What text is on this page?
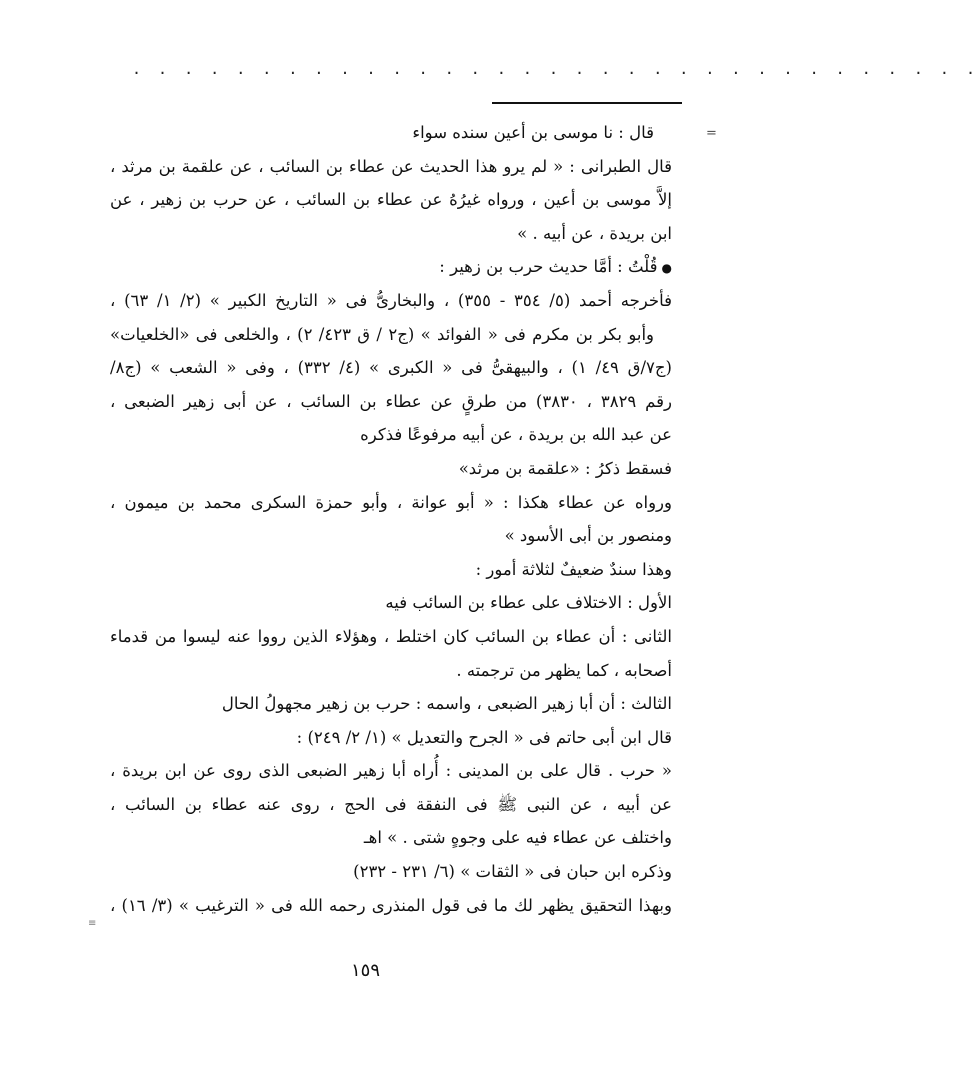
. . . . . . . . . . . . . . . . . . . . . . . . . . . . . . . . .
=
≡
قال : نا موسى بن أعين سنده سواء
قال الطبرانى : « لم يرو هذا الحديث عن عطاء بن السائب ، عن علقمة بن مرثد ،
إلاَّ موسى بن أعين ، ورواه غيرُهُ عن عطاء بن السائب ، عن حرب بن زهير ، عن
ابن بريدة ، عن أبيه . »
●قُلْتُ : أمَّا حديث حرب بن زهير :
فأخرجه أحمد (٥/ ٣٥٤ - ٣٥٥) ، والبخارىُّ فى « التاريخ الكبير » (٢/ ١/ ٦٣) ،
وأبو بكر بن مكرم فى « الفوائد » (ج٢ / ق ٤٢٣/ ٢) ، والخلعى فى «الخلعيات»
(ج٧/ق ٤٩/ ١) ، والبيهقىُّ فى « الكبرى » (٤/ ٣٣٢) ، وفى « الشعب » (ج٨/
رقم ٣٨٢٩ ، ٣٨٣٠) من طرقٍ عن عطاء بن السائب ، عن أبى زهير الضبعى ،
عن عبد الله بن بريدة ، عن أبيه مرفوعًا فذكره
فسقط ذكرُ : «علقمة بن مرثد»
ورواه عن عطاء هكذا : « أبو عوانة ، وأبو حمزة السكرى محمد بن ميمون ،
ومنصور بن أبى الأسود »
وهذا سندٌ ضعيفٌ لثلاثة أمور :
الأول : الاختلاف على عطاء بن السائب فيه
الثانى : أن عطاء بن السائب كان اختلط ، وهؤلاء الذين رووا عنه ليسوا من قدماء
أصحابه ، كما يظهر من ترجمته .
الثالث : أن أبا زهير الضبعى ، واسمه : حرب بن زهير مجهولُ الحال
قال ابن أبى حاتم فى « الجرح والتعديل » (١/ ٢/ ٢٤٩) :
« حرب . قال على بن المدينى : أُراه أبا زهير الضبعى الذى روى عن ابن بريدة ،
عن أبيه ، عن النبى ﷺ فى النفقة فى الحج ، روى عنه عطاء بن السائب ،
واختلف عن عطاء فيه على وجوهٍ شتى . » اهـ
وذكره ابن حبان فى « الثقات » (٦/ ٢٣١ - ٢٣٢)
وبهذا التحقيق يظهر لك ما فى قول المنذرى رحمه الله فى « الترغيب » (٣/ ١٦) ،
١٥٩
